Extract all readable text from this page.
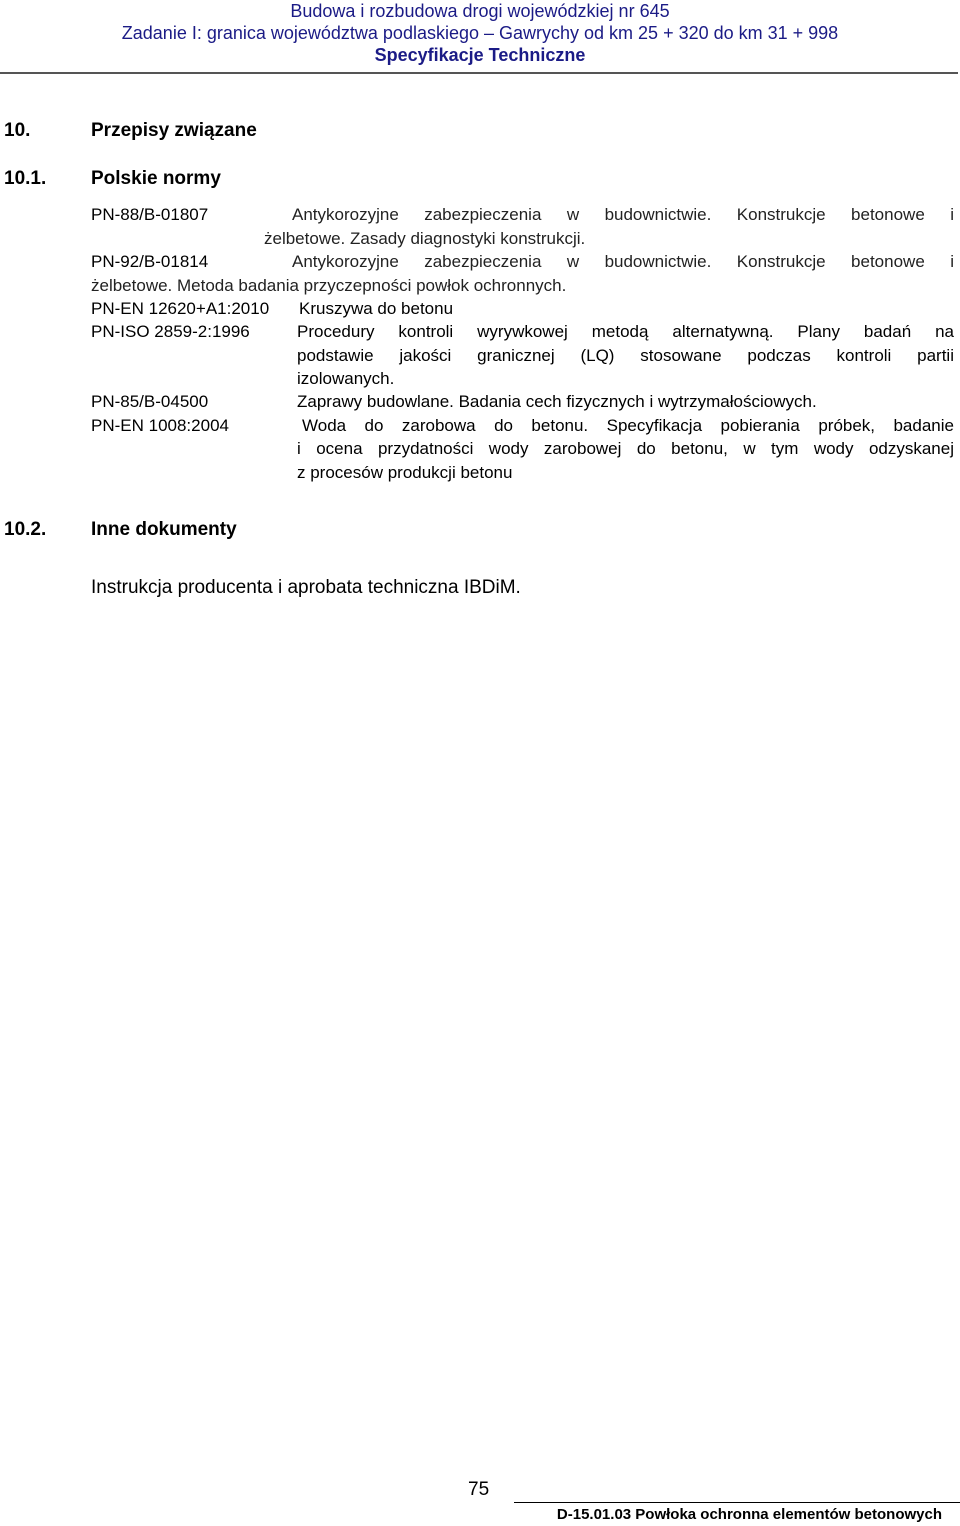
Budowa i rozbudowa drogi wojewódzkiej nr 645
Zadanie I: granica województwa podlaskiego – Gawrychy od km 25 + 320 do km 31 + 998
Specyfikacje Techniczne
10.	Przepisy związane
10.1. Polskie normy
PN-88/B-01807	Antykorozyjne zabezpieczenia w budownictwie. Konstrukcje betonowe i
żelbetowe. Zasady diagnostyki konstrukcji.
PN-92/B-01814	Antykorozyjne zabezpieczenia w budownictwie. Konstrukcje betonowe i
żelbetowe. Metoda badania przyczepności powłok ochronnych.
PN-EN 12620+A1:2010 Kruszywa do betonu
PN-ISO 2859-2:1996	Procedury kontroli wyrywkowej metodą alternatywną. Plany badań na
podstawie jakości granicznej (LQ) stosowane podczas kontroli partii
izolowanych.
PN-85/B-04500	Zaprawy budowlane. Badania cech fizycznych i wytrzymałościowych.
PN-EN 1008:2004	Woda do zarobowa do betonu. Specyfikacja pobierania próbek, badanie
i ocena przydatności wody zarobowej do betonu, w tym wody odzyskanej
z procesów produkcji betonu
10.2. Inne dokumenty
Instrukcja producenta i aprobata techniczna IBDiM.
75
D-15.01.03 Powłoka ochronna elementów betonowych
